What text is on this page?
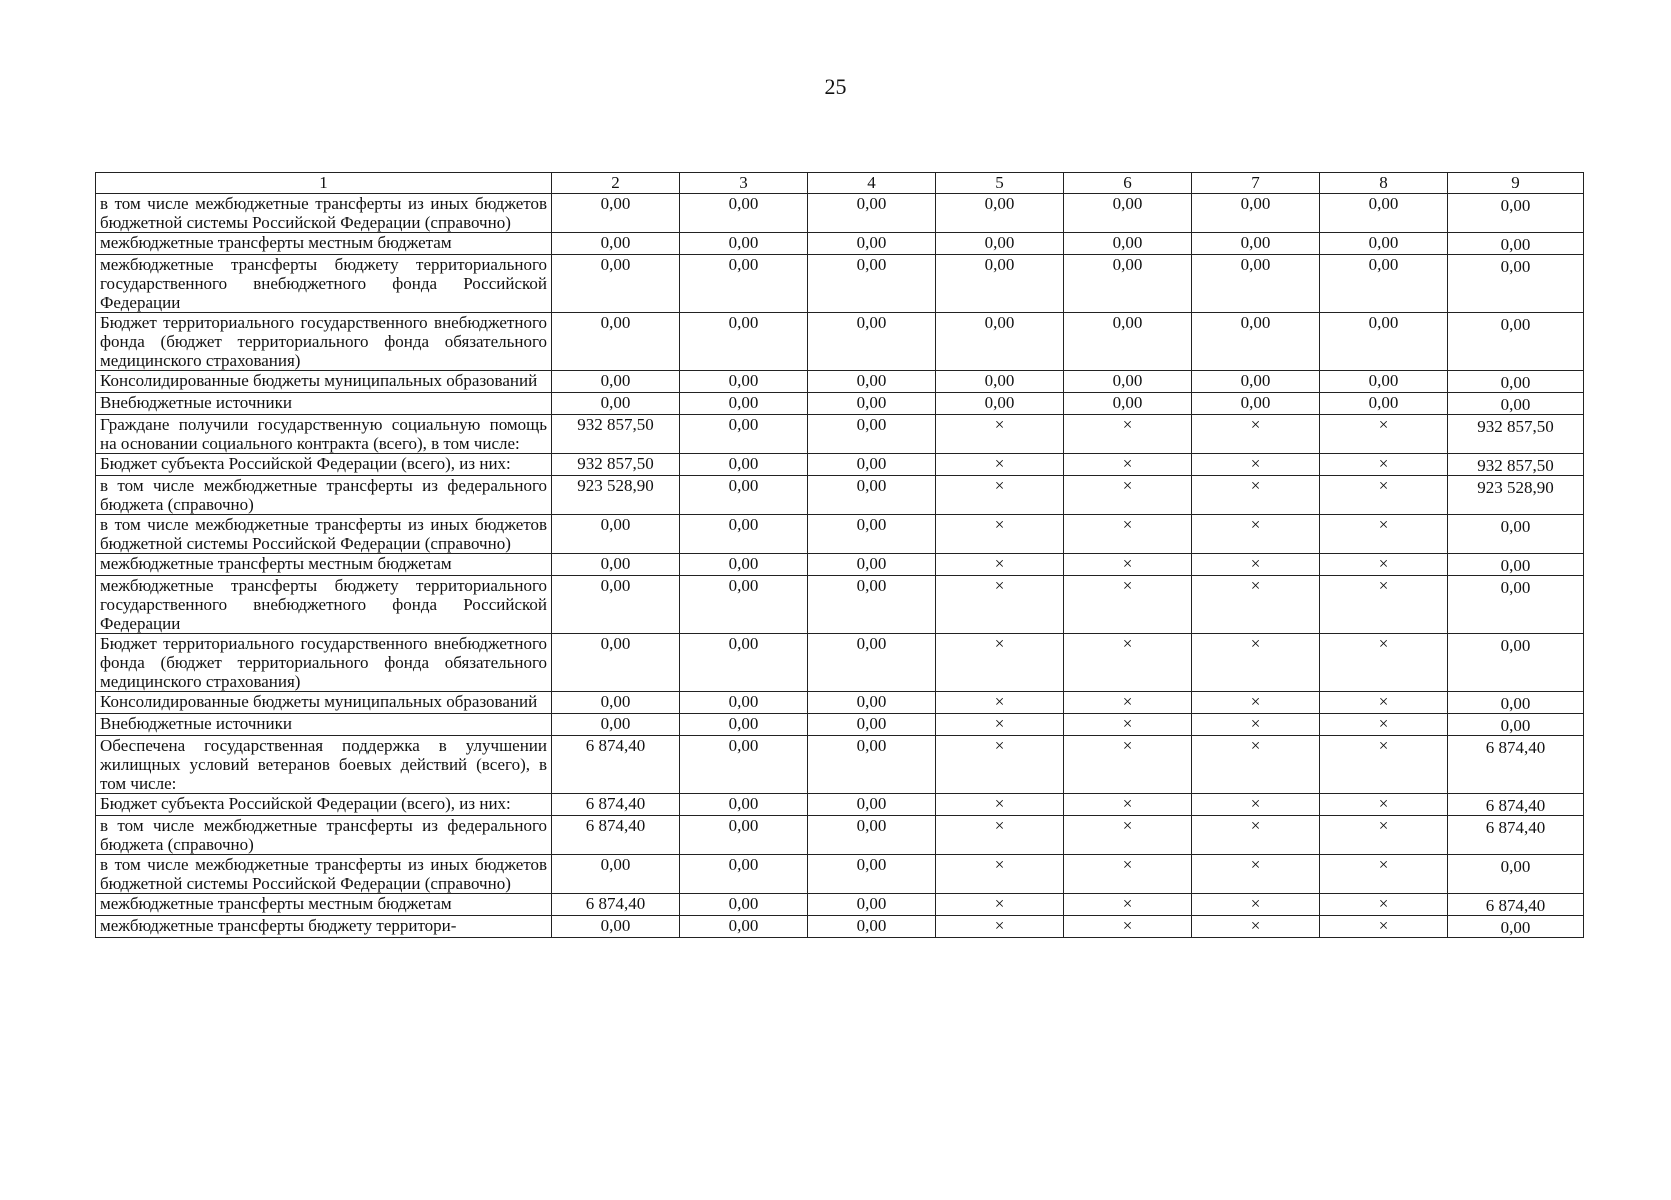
25
1	2	3	4	5	6	7	8	9
в том числе межбюджетные трансферты из иных бюджетов бюджетной системы Российской Федерации (справочно)	0,00	0,00	0,00	0,00	0,00	0,00	0,00	0,00
межбюджетные трансферты местным бюджетам	0,00	0,00	0,00	0,00	0,00	0,00	0,00	0,00
межбюджетные трансферты бюджету территориального государственного внебюджетного фонда Российской Федерации	0,00	0,00	0,00	0,00	0,00	0,00	0,00	0,00
Бюджет территориального государственного внебюджетного фонда (бюджет территориального фонда обязательного медицинского страхования)	0,00	0,00	0,00	0,00	0,00	0,00	0,00	0,00
Консолидированные бюджеты муниципальных образований	0,00	0,00	0,00	0,00	0,00	0,00	0,00	0,00
Внебюджетные источники	0,00	0,00	0,00	0,00	0,00	0,00	0,00	0,00
Граждане получили государственную социальную помощь на основании социального контракта (всего), в том числе:	932 857,50	0,00	0,00	×	×	×	×	932 857,50
Бюджет субъекта Российской Федерации (всего), из них:	932 857,50	0,00	0,00	×	×	×	×	932 857,50
в том числе межбюджетные трансферты из федерального бюджета (справочно)	923 528,90	0,00	0,00	×	×	×	×	923 528,90
в том числе межбюджетные трансферты из иных бюджетов бюджетной системы Российской Федерации (справочно)	0,00	0,00	0,00	×	×	×	×	0,00
межбюджетные трансферты местным бюджетам	0,00	0,00	0,00	×	×	×	×	0,00
межбюджетные трансферты бюджету территориального государственного внебюджетного фонда Российской Федерации	0,00	0,00	0,00	×	×	×	×	0,00
Бюджет территориального государственного внебюджетного фонда (бюджет территориального фонда обязательного медицинского страхования)	0,00	0,00	0,00	×	×	×	×	0,00
Консолидированные бюджеты муниципальных образований	0,00	0,00	0,00	×	×	×	×	0,00
Внебюджетные источники	0,00	0,00	0,00	×	×	×	×	0,00
Обеспечена государственная поддержка в улучшении жилищных условий ветеранов боевых действий (всего), в том числе:	6 874,40	0,00	0,00	×	×	×	×	6 874,40
Бюджет субъекта Российской Федерации (всего), из них:	6 874,40	0,00	0,00	×	×	×	×	6 874,40
в том числе межбюджетные трансферты из федерального бюджета (справочно)	6 874,40	0,00	0,00	×	×	×	×	6 874,40
в том числе межбюджетные трансферты из иных бюджетов бюджетной системы Российской Федерации (справочно)	0,00	0,00	0,00	×	×	×	×	0,00
межбюджетные трансферты местным бюджетам	6 874,40	0,00	0,00	×	×	×	×	6 874,40
межбюджетные трансферты бюджету территори-	0,00	0,00	0,00	×	×	×	×	0,00
